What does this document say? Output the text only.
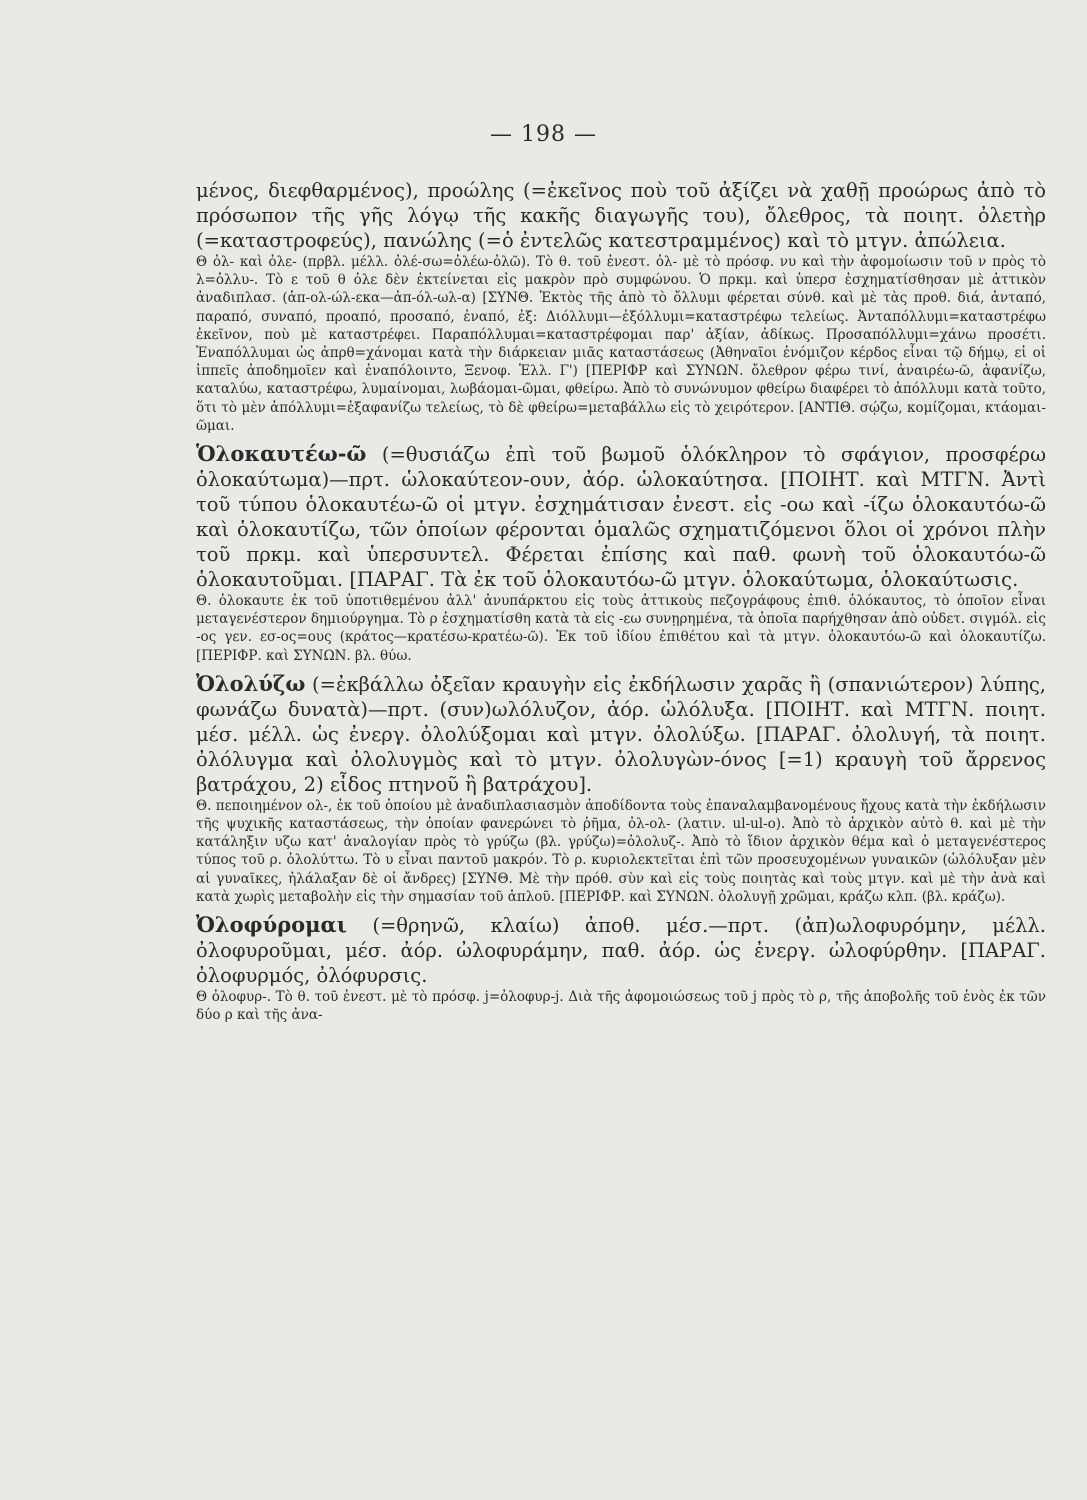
— 198 —

μένος, διεφθαρμένος), προώλης (=ἐκεῖνος ποὺ τοῦ ἀξίζει νὰ χαθῇ προώρως ἀπὸ τὸ πρόσωπον τῆς γῆς λόγῳ τῆς κακῆς διαγωγῆς του), ὄλεθρος, τὰ ποιητ. ὀλετὴρ (=καταστροφεύς), πανώλης (=ὁ ἐντελῶς κατεστραμμένος) καὶ τὸ μτγν. ἀπώλεια.

Θ ὀλ- καὶ ὀλε- (πρβλ. μέλλ. ὀλέ-σω=ὀλέω-ὀλῶ). Τὸ θ. τοῦ ἐνεστ. ὀλ- μὲ τὸ πρόσφ. νυ καὶ τὴν ἀφομοίωσιν τοῦ ν πρὸς τὸ λ=ὀλλυ-. Τὸ ε τοῦ θ ὀλε δὲν ἐκτείνεται εἰς μακρὸν πρὸ συμφώνου. Ὁ πρκμ. καὶ ὑπερσ ἐσχηματίσθησαν μὲ ἀττικὸν ἀναδιπλασ. (ἀπ-ολ-ώλ-εκα—ἀπ-όλ-ωλ-α) [ΣΥΝΘ. Ἐκτὸς τῆς ἀπὸ τὸ ὄλλυμι φέρεται σύνθ. καὶ μὲ τὰς προθ. διά, ἀνταπό, παραπό, συναπό, προαπό, προσαπό, ἐναπό, ἐξ: Διόλλυμι—ἐξόλλυμι=καταστρέφω τελείως. Ἀνταπόλλυμι=καταστρέφω ἐκεῖνον, ποὺ μὲ καταστρέφει. Παραπόλλυμαι=καταστρέφομαι παρ' ἀξίαν, ἀδίκως. Προσαπόλλυμι=χάνω προσέτι. Ἐναπόλλυμαι ὡς ἀπρθ=χάνομαι κατὰ τὴν διάρκειαν μιᾶς καταστάσεως (Ἀθηναῖοι ἐνόμιζον κέρδος εἶναι τῷ δήμῳ, εἰ οἱ ἱππεῖς ἀποδημοῖεν καὶ ἐναπόλοιντο, Ξενοφ. Ἑλλ. Γ') [ΠΕΡΙΦΡ καὶ ΣΥΝΩΝ. ὄλεθρον φέρω τινί, ἀναιρέω-ῶ, ἀφανίζω, καταλύω, καταστρέφω, λυμαίνομαι, λωβάομαι-ῶμαι, φθείρω. Ἀπὸ τὸ συνώνυμον φθείρω διαφέρει τὸ ἀπόλλυμι κατὰ τοῦτο, ὅτι τὸ μὲν ἀπόλλυμι=ἐξαφανίζω τελείως, τὸ δὲ φθείρω=μεταβάλλω εἰς τὸ χειρότερον. [ΑΝΤΙΘ. σῴζω, κομίζομαι, κτάομαι-ῶμαι.

Ὁλοκαυτέω-ῶ (=θυσιάζω ἐπὶ τοῦ βωμοῦ ὁλόκληρον τὸ σφάγιον, προσφέρω ὁλοκαύτωμα)—πρτ. ὡλοκαύτεον-ουν, ἀόρ. ὡλοκαύτησα. [ΠΟΙΗΤ. καὶ ΜΤΓΝ. Ἀντὶ τοῦ τύπου ὁλοκαυτέω-ῶ οἱ μτγν. ἐσχημάτισαν ἐνεστ. εἰς -οω καὶ -ίζω ὁλοκαυτόω-ῶ καὶ ὁλοκαυτίζω, τῶν ὁποίων φέρονται ὁμαλῶς σχηματιζόμενοι ὅλοι οἱ χρόνοι πλὴν τοῦ πρκμ. καὶ ὑπερσυντελ. Φέρεται ἐπίσης καὶ παθ. φωνὴ τοῦ ὁλοκαυτόω-ῶ ὁλοκαυτοῦμαι. [ΠΑΡΑΓ. Τὰ ἐκ τοῦ ὁλοκαυτόω-ῶ μτγν. ὁλοκαύτωμα, ὁλοκαύτωσις.

Θ. ὁλοκαυτε ἐκ τοῦ ὑποτιθεμένου ἀλλ' ἀνυπάρκτου εἰς τοὺς ἀττικοὺς πεζογράφους ἐπιθ. ὁλόκαυτος, τὸ ὁποῖον εἶναι μεταγενέστερον δημιούργημα. Τὸ ρ ἐσχηματίσθη κατὰ τὰ εἰς -εω συνῃρημένα, τὰ ὁποῖα παρήχθησαν ἀπὸ οὐδετ. σιγμόλ. εἰς -ος γεν. εσ-ος=ους (κράτος—κρατέσω-κρατέω-ῶ). Ἐκ τοῦ ἰδίου ἐπιθέτου καὶ τὰ μτγν. ὁλοκαυτόω-ῶ καὶ ὁλοκαυτίζω. [ΠΕΡΙΦΡ. καὶ ΣΥΝΩΝ. βλ. θύω.

Ὀλολύζω (=ἐκβάλλω ὀξεῖαν κραυγὴν εἰς ἐκδήλωσιν χαρᾶς ἢ (σπανιώτερον) λύπης, φωνάζω δυνατὰ)—πρτ. (συν)ωλόλυζον, ἀόρ. ὠλόλυξα. [ΠΟΙΗΤ. καὶ ΜΤΓΝ. ποιητ. μέσ. μέλλ. ὡς ἐνεργ. ὀλολύξομαι καὶ μτγν. ὀλολύξω. [ΠΑΡΑΓ. ὀλολυγή, τὰ ποιητ. ὀλόλυγμα καὶ ὀλολυγμὸς καὶ τὸ μτγν. ὀλολυγὼν-όνος [=1) κραυγὴ τοῦ ἄρρενος βατράχου, 2) εἶδος πτηνοῦ ἢ βατράχου].

Θ. πεποιημένον ολ-, ἐκ τοῦ ὁποίου μὲ ἀναδιπλασιασμὸν ἀποδίδοντα τοὺς ἐπαναλαμβανομένους ἤχους κατὰ τὴν ἐκδήλωσιν τῆς ψυχικῆς καταστάσεως, τὴν ὁποίαν φανερώνει τὸ ῥῆμα, ὀλ-ολ- (λατιν. ul-ul-o). Ἀπὸ τὸ ἀρχικὸν αὐτὸ θ. καὶ μὲ τὴν κατάληξιν υζω κατ' ἀναλογίαν πρὸς τὸ γρύζω (βλ. γρύζω)=ὀλολυζ-. Ἀπὸ τὸ ἴδιον ἀρχικὸν θέμα καὶ ὁ μεταγενέστερος τύπος τοῦ ρ. ὀλολύττω. Τὸ υ εἶναι παντοῦ μακρόν. Τὸ ρ. κυριολεκτεῖται ἐπὶ τῶν προσευχομένων γυναικῶν (ὠλόλυξαν μὲν αἱ γυναῖκες, ἠλάλαξαν δὲ οἱ ἄνδρες) [ΣΥΝΘ. Μὲ τὴν πρόθ. σὺν καὶ εἰς τοὺς ποιητὰς καὶ τοὺς μτγν. καὶ μὲ τὴν ἀνὰ καὶ κατὰ χωρὶς μεταβολὴν εἰς τὴν σημασίαν τοῦ ἁπλοῦ. [ΠΕΡΙΦΡ. καὶ ΣΥΝΩΝ. ὀλολυγῇ χρῶμαι, κράζω κλπ. (βλ. κράζω).

Ὀλοφύρομαι (=θρηνῶ, κλαίω) ἀποθ. μέσ.—πρτ. (ἀπ)ωλοφυρόμην, μέλλ. ὀλοφυροῦμαι, μέσ. ἀόρ. ὠλοφυράμην, παθ. ἀόρ. ὡς ἐνεργ. ὠλοφύρθην. [ΠΑΡΑΓ. ὀλοφυρμός, ὀλόφυρσις.

Θ ὀλοφυρ-. Τὸ θ. τοῦ ἐνεστ. μὲ τὸ πρόσφ. j=ὀλοφυρ-j. Διὰ τῆς ἀφομοιώσεως τοῦ j πρὸς τὸ ρ, τῆς ἀποβολῆς τοῦ ἑνὸς ἐκ τῶν δύο ρ καὶ τῆς ἀνα-
